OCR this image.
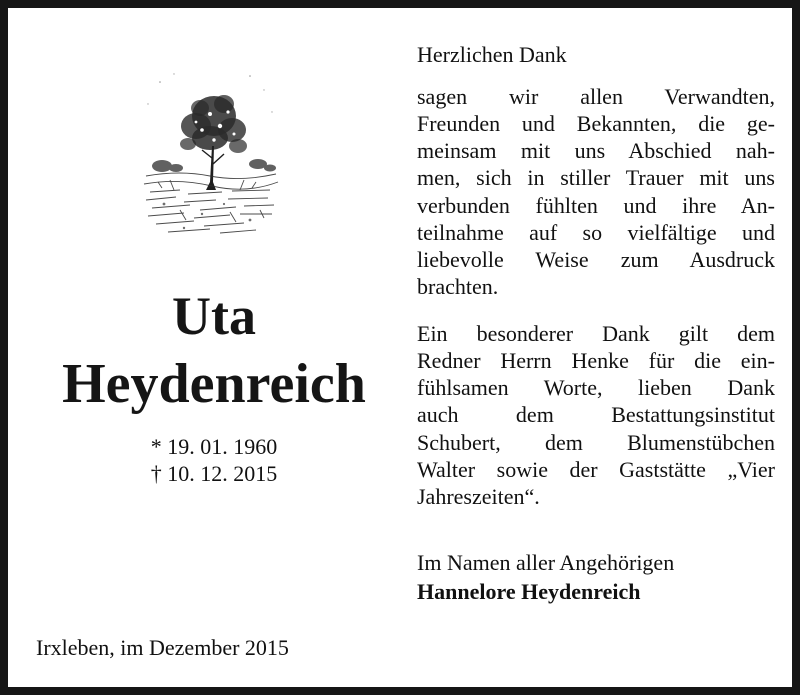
Uta
Heydenreich
* 19. 01. 1960
† 10. 12. 2015
Irxleben, im Dezember 2015
Herzlichen Dank
sagen wir allen Verwandten,
Freunden und Bekannten, die ge-
meinsam mit uns Abschied nah-
men, sich in stiller Trauer mit uns
verbunden fühlten und ihre An-
teilnahme auf so vielfältige und
liebevolle Weise zum Ausdruck
brachten.
Ein besonderer Dank gilt dem
Redner Herrn Henke für die ein-
fühlsamen Worte, lieben Dank
auch dem Bestattungsinstitut
Schubert, dem Blumenstübchen
Walter sowie der Gaststätte „Vier
Jahreszeiten“.
Im Namen aller Angehörigen
Hannelore Heydenreich
